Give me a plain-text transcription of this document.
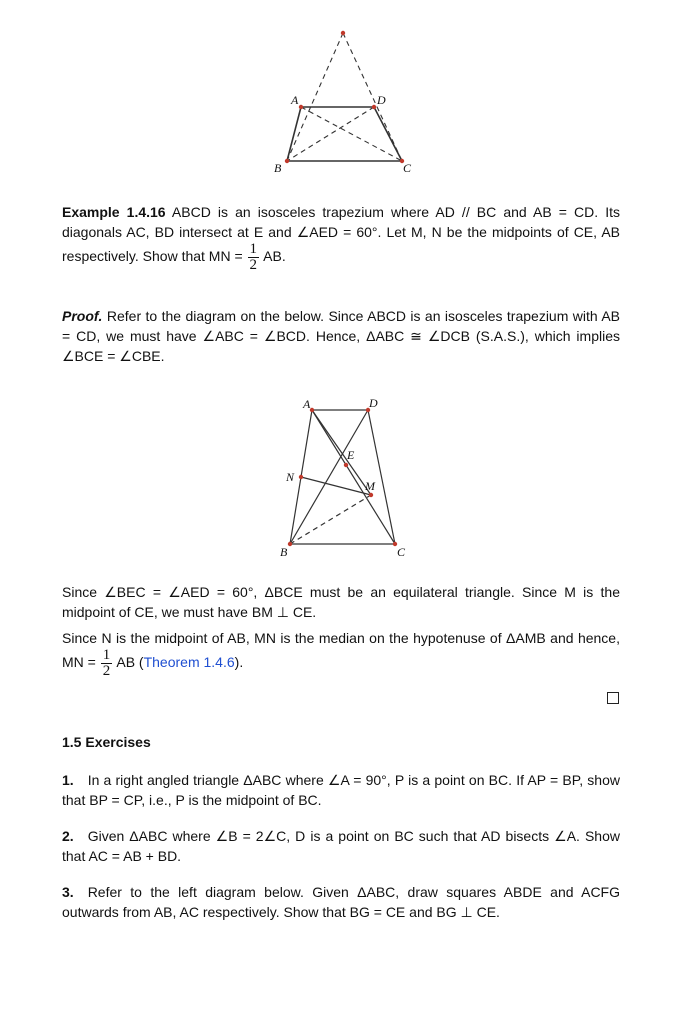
A	D
B	C
Example 1.4.16 ABCD is an isosceles trapezium where AD // BC and AB = CD. Its diagonals AC, BD intersect at E and ∠AED = 60°. Let M, N be the midpoints of CE, AB respectively. Show that MN = $\frac{1}{2}$ AB.
Proof. Refer to the diagram on the below. Since ABCD is an isosceles trapezium with AB = CD, we must have ∠ABC = ∠BCD. Hence, ΔABC ≅ ∠DCB (S.A.S.), which implies ∠BCE = ∠CBE.
A	D
E
N
M
B	C
Since ∠BEC = ∠AED = 60°, ΔBCE must be an equilateral triangle. Since M is the midpoint of CE, we must have BM ⊥ CE.
Since N is the midpoint of AB, MN is the median on the hypotenuse of ΔAMB and hence, MN = $\frac{1}{2}$ AB (Theorem 1.4.6).
1.5 Exercises
1. In a right angled triangle ΔABC where ∠A = 90°, P is a point on BC. If AP = BP, show that BP = CP, i.e., P is the midpoint of BC.
2. Given ΔABC where ∠B = 2∠C, D is a point on BC such that AD bisects ∠A. Show that AC = AB + BD.
3. Refer to the left diagram below. Given ΔABC, draw squares ABDE and ACFG outwards from AB, AC respectively. Show that BG = CE and BG ⊥ CE.
